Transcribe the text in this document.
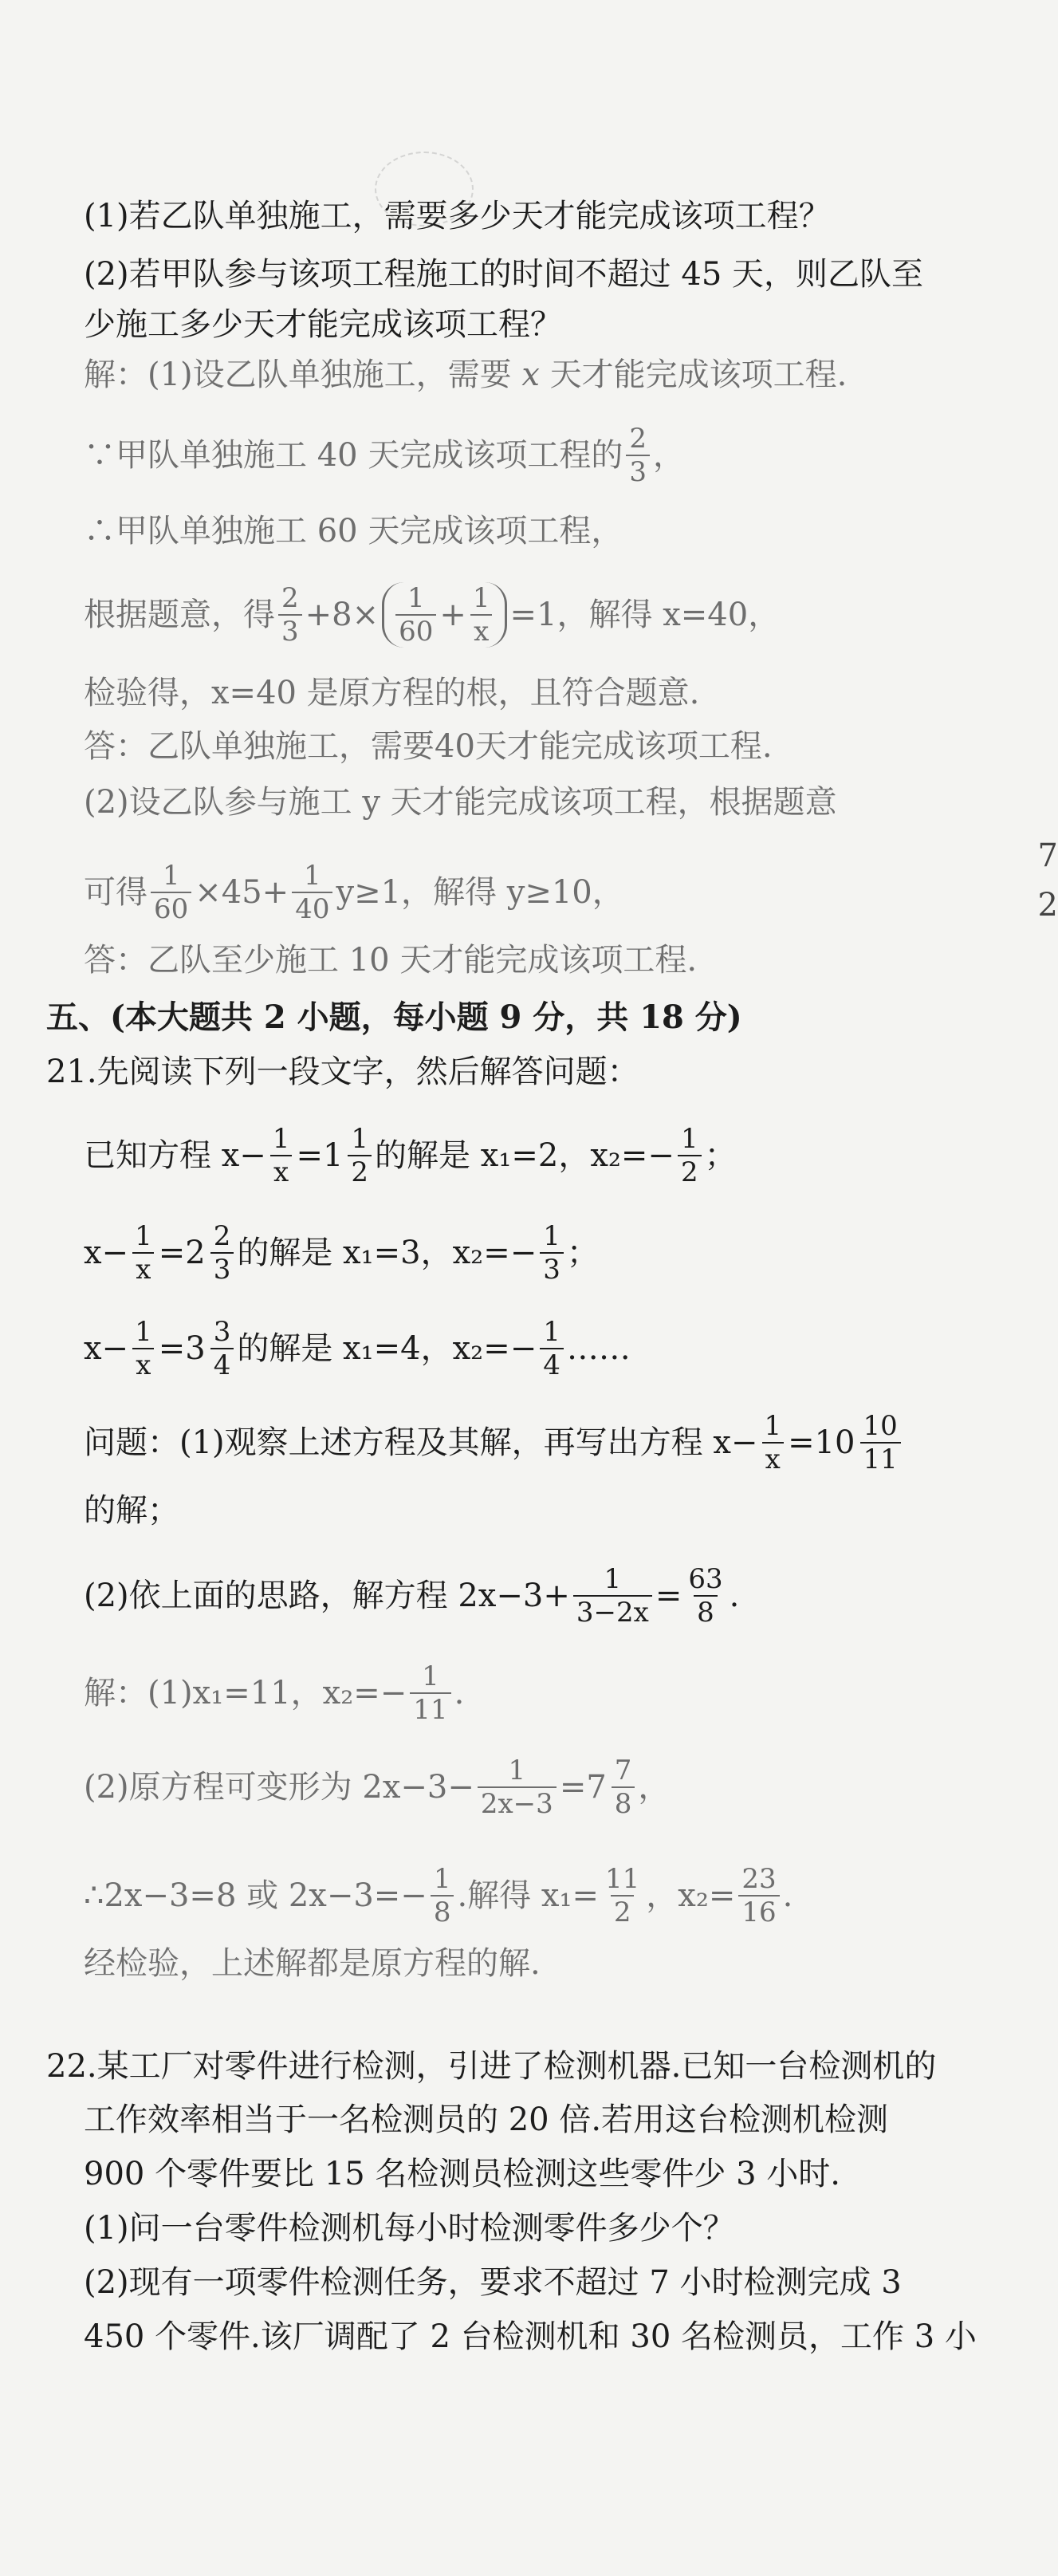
(1)若乙队单独施工，需要多少天才能完成该项工程？
(2)若甲队参与该项工程施工的时间不超过 45 天，则乙队至
少施工多少天才能完成该项工程？
解：(1)设乙队单独施工，需要
x
天才能完成该项工程.
∵甲队单独施工 40 天完成该项工程的 $\frac{2}{3}$ ，
∴甲队单独施工 60 天完成该项工程，
根据题意，得 $\frac{2}{3} +8\times \frac{1}{60} + \frac{1}{x} =1$，解得 x=40，
检验得，x=40 是原方程的根，且符合题意.
答：乙队单独施工，需要40天才能完成该项工程.
(2)设乙队参与施工 y 天才能完成该项工程，根据题意
可得 $\frac{1}{60} \times 45+ \frac{1}{40} y\ge 1$，解得 y≥10，
答：乙队至少施工 10 天才能完成该项工程.
五、(本大题共 2 小题，每小题 9 分，共 18 分)
21.先阅读下列一段文字，然后解答问题：
已知方程 $x- \frac{1}{x} =1 \frac{1}{2}$ 的解是 x₁=2，$x_2=- \frac{1}{2}$ ；
$x- \frac{1}{x} =2 \frac{2}{3}$ 的解是 x₁=3，$x_2=- \frac{1}{3}$ ；
$x- \frac{1}{x} =3 \frac{3}{4}$ 的解是 x₁=4，$x_2=- \frac{1}{4}$ ……
问题：(1)观察上述方程及其解，再写出方程 $x- \frac{1}{x} =10 \frac{10}{11}$
的解；
(2)依上面的思路，解方程 $2x-3+ \frac{1}{3-2x} = \frac{63}{8}$ .
解：(1)x₁=11，$x_2=- \frac{1}{11}$ .
(2)原方程可变形为 $2x-3- \frac{1}{2x-3} =7 \frac{7}{8}$ ，
∴2x−3=8 或 $2x-3=- \frac{1}{8}$ .解得 $x_1= \frac{11}{2}$ ，$x_2= \frac{23}{16}$ .
经检验，上述解都是原方程的解.
22.某工厂对零件进行检测，引进了检测机器.已知一台检测机的
工作效率相当于一名检测员的 20 倍.若用这台检测机检测
900 个零件要比 15 名检测员检测这些零件少 3 小时.
(1)问一台零件检测机每小时检测零件多少个？
(2)现有一项零件检测任务，要求不超过 7 小时检测完成 3
450 个零件.该厂调配了 2 台检测机和 30 名检测员，工作 3 小
7
2
